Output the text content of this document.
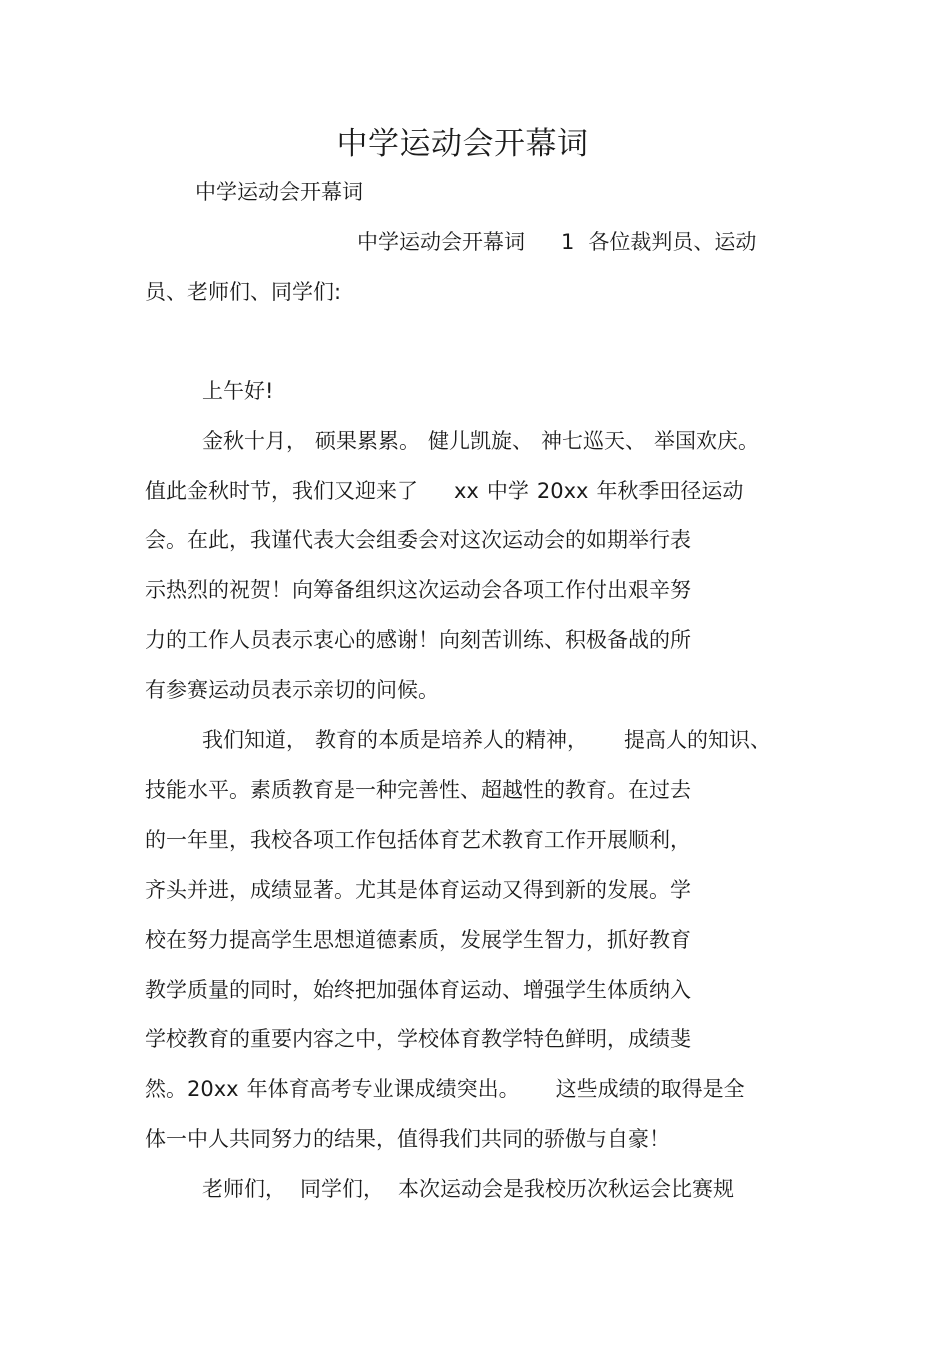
中学运动会开幕词

中学运动会开幕词

中学运动会开幕词 1 各位裁判员、运动

员、老师们、同学们:

上午好!

金秋十月， 硕果累累。 健儿凯旋、 神七巡天、 举国欢庆。

值此金秋时节，我们又迎来了 xx 中学 20xx 年秋季田径运动

会。在此，我谨代表大会组委会对这次运动会的如期举行表

示热烈的祝贺！向筹备组织这次运动会各项工作付出艰辛努

力的工作人员表示衷心的感谢！向刻苦训练、积极备战的所

有参赛运动员表示亲切的问候。

我们知道， 教育的本质是培养人的精神， 提高人的知识、

技能水平。素质教育是一种完善性、超越性的教育。在过去

的一年里，我校各项工作包括体育艺术教育工作开展顺利，

齐头并进，成绩显著。尤其是体育运动又得到新的发展。学

校在努力提高学生思想道德素质，发展学生智力，抓好教育

教学质量的同时，始终把加强体育运动、增强学生体质纳入

学校教育的重要内容之中，学校体育教学特色鲜明，成绩斐

然。20xx 年体育高考专业课成绩突出。 这些成绩的取得是全

体一中人共同努力的结果，值得我们共同的骄傲与自豪！

老师们， 同学们， 本次运动会是我校历次秋运会比赛规
